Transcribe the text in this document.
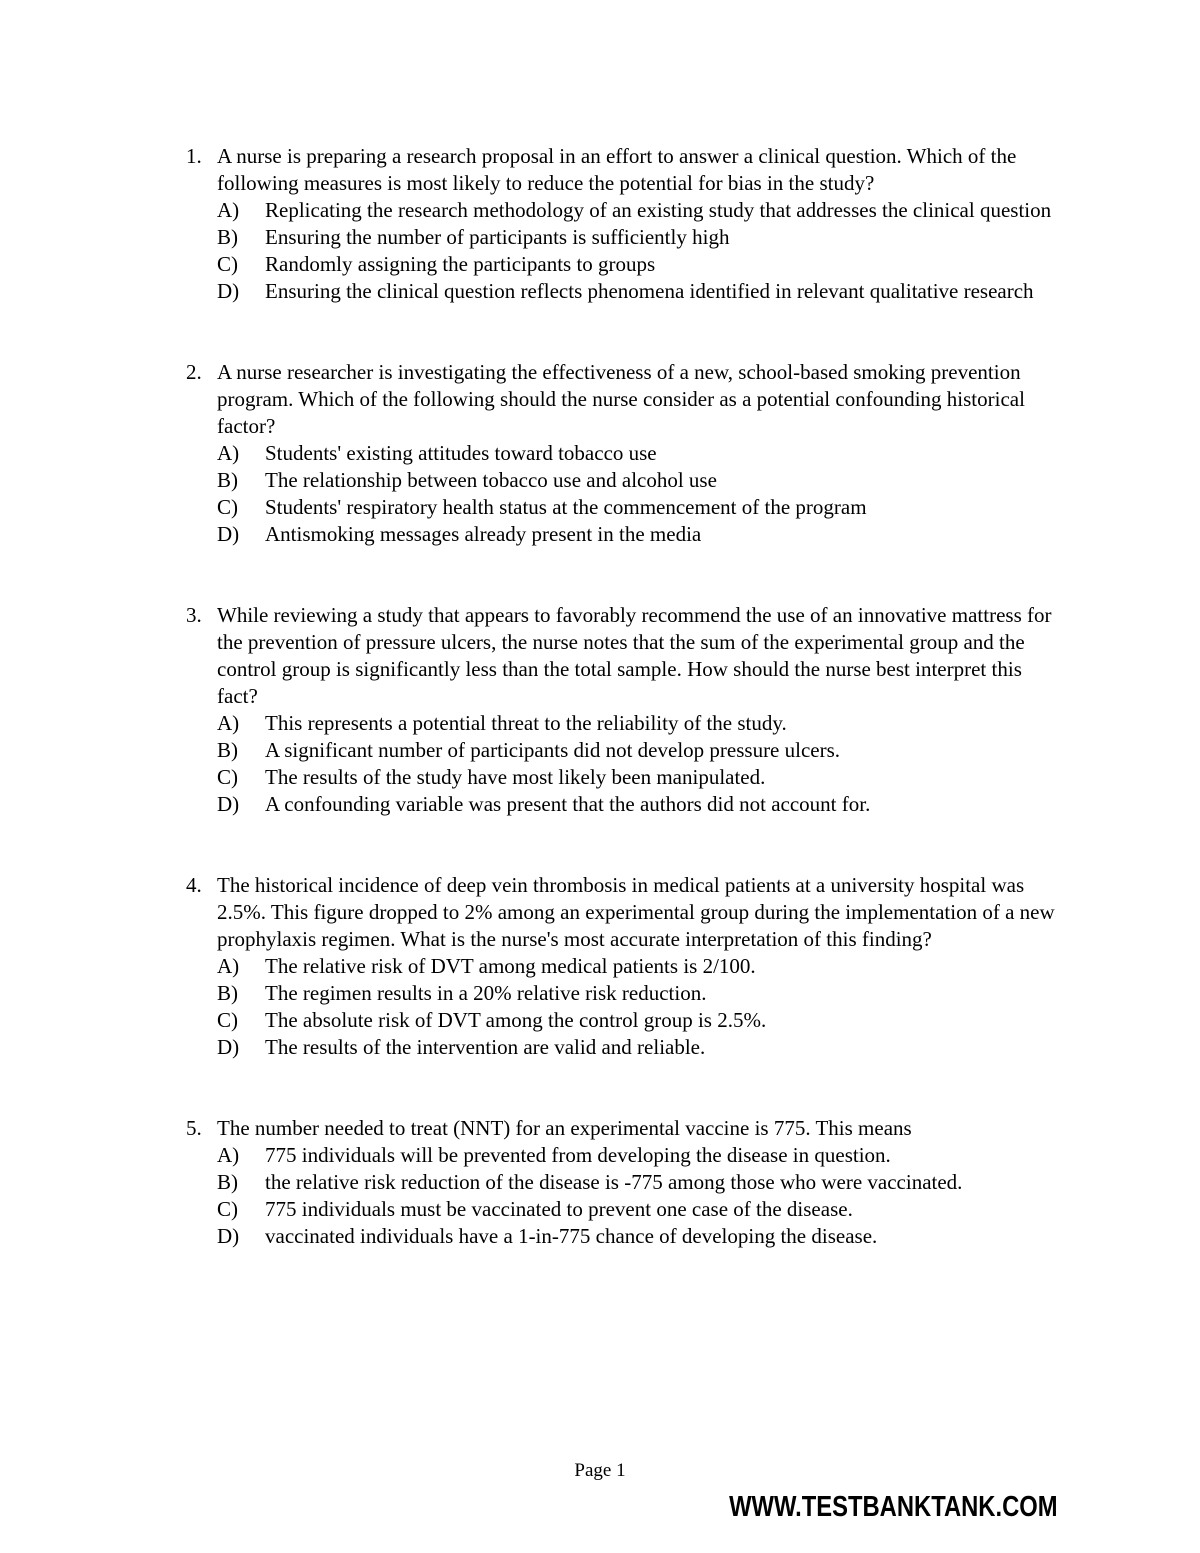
1. A nurse is preparing a research proposal in an effort to answer a clinical question. Which of the following measures is most likely to reduce the potential for bias in the study?
A) Replicating the research methodology of an existing study that addresses the clinical question
B) Ensuring the number of participants is sufficiently high
C) Randomly assigning the participants to groups
D) Ensuring the clinical question reflects phenomena identified in relevant qualitative research
2. A nurse researcher is investigating the effectiveness of a new, school-based smoking prevention program. Which of the following should the nurse consider as a potential confounding historical factor?
A) Students' existing attitudes toward tobacco use
B) The relationship between tobacco use and alcohol use
C) Students' respiratory health status at the commencement of the program
D) Antismoking messages already present in the media
3. While reviewing a study that appears to favorably recommend the use of an innovative mattress for the prevention of pressure ulcers, the nurse notes that the sum of the experimental group and the control group is significantly less than the total sample. How should the nurse best interpret this fact?
A) This represents a potential threat to the reliability of the study.
B) A significant number of participants did not develop pressure ulcers.
C) The results of the study have most likely been manipulated.
D) A confounding variable was present that the authors did not account for.
4. The historical incidence of deep vein thrombosis in medical patients at a university hospital was 2.5%. This figure dropped to 2% among an experimental group during the implementation of a new prophylaxis regimen. What is the nurse's most accurate interpretation of this finding?
A) The relative risk of DVT among medical patients is 2/100.
B) The regimen results in a 20% relative risk reduction.
C) The absolute risk of DVT among the control group is 2.5%.
D) The results of the intervention are valid and reliable.
5. The number needed to treat (NNT) for an experimental vaccine is 775. This means
A) 775 individuals will be prevented from developing the disease in question.
B) the relative risk reduction of the disease is -775 among those who were vaccinated.
C) 775 individuals must be vaccinated to prevent one case of the disease.
D) vaccinated individuals have a 1-in-775 chance of developing the disease.
Page 1
WWW.TESTBANKTANK.COM
